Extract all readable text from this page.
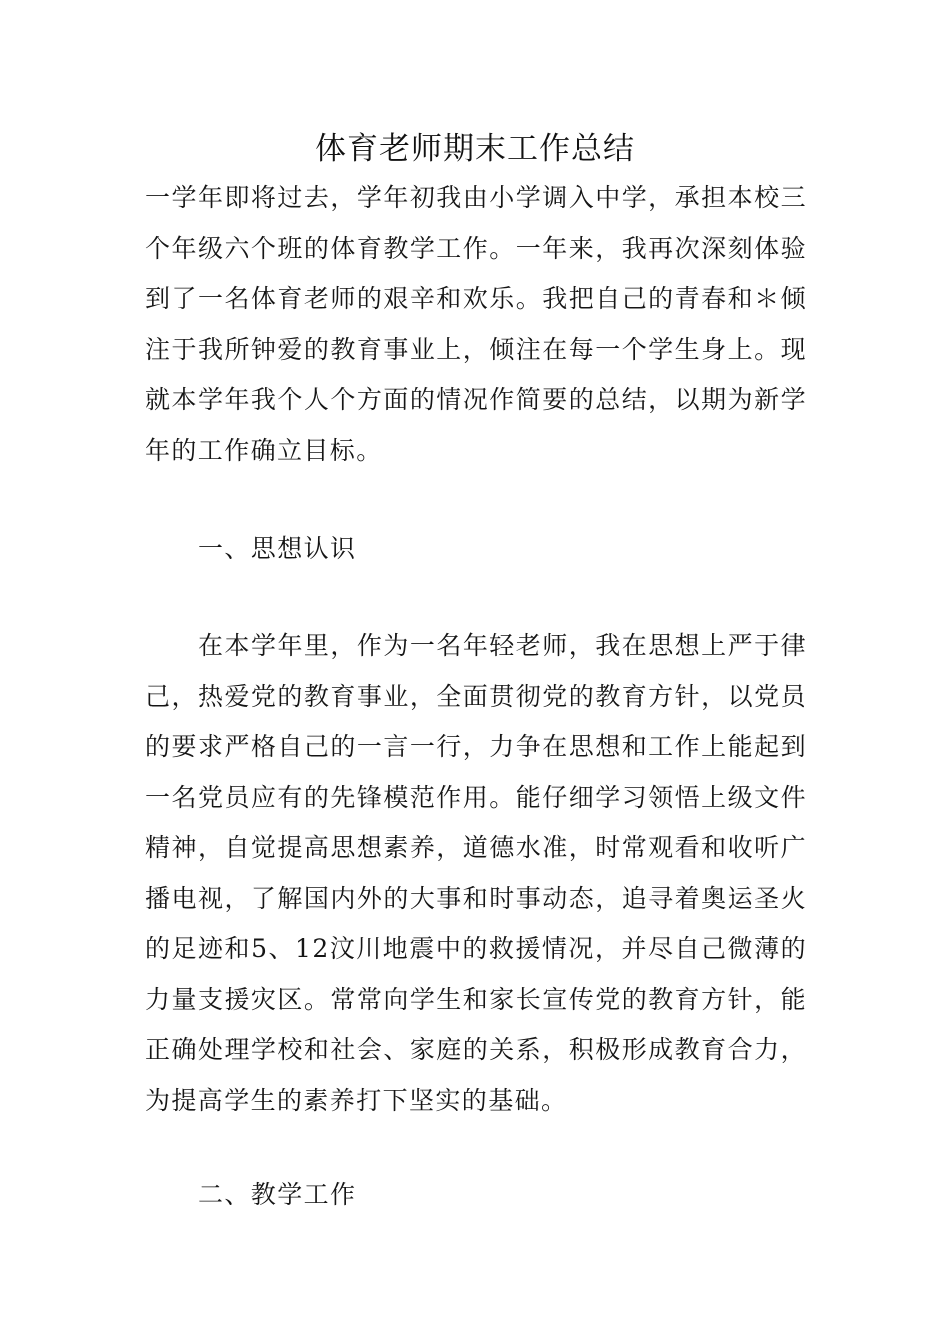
体育老师期末工作总结

一学年即将过去，学年初我由小学调入中学，承担本校三个年级六个班的体育教学工作。一年来，我再次深刻体验到了一名体育老师的艰辛和欢乐。我把自己的青春和＊倾注于我所钟爱的教育事业上，倾注在每一个学生身上。现就本学年我个人个方面的情况作简要的总结，以期为新学年的工作确立目标。

一、思想认识

在本学年里，作为一名年轻老师，我在思想上严于律己，热爱党的教育事业，全面贯彻党的教育方针，以党员的要求严格自己的一言一行，力争在思想和工作上能起到一名党员应有的先锋模范作用。能仔细学习领悟上级文件精神，自觉提高思想素养，道德水准，时常观看和收听广播电视，了解国内外的大事和时事动态，追寻着奥运圣火的足迹和5、12汶川地震中的救援情况，并尽自己微薄的力量支援灾区。常常向学生和家长宣传党的教育方针，能正确处理学校和社会、家庭的关系，积极形成教育合力，为提高学生的素养打下坚实的基础。

二、教学工作
